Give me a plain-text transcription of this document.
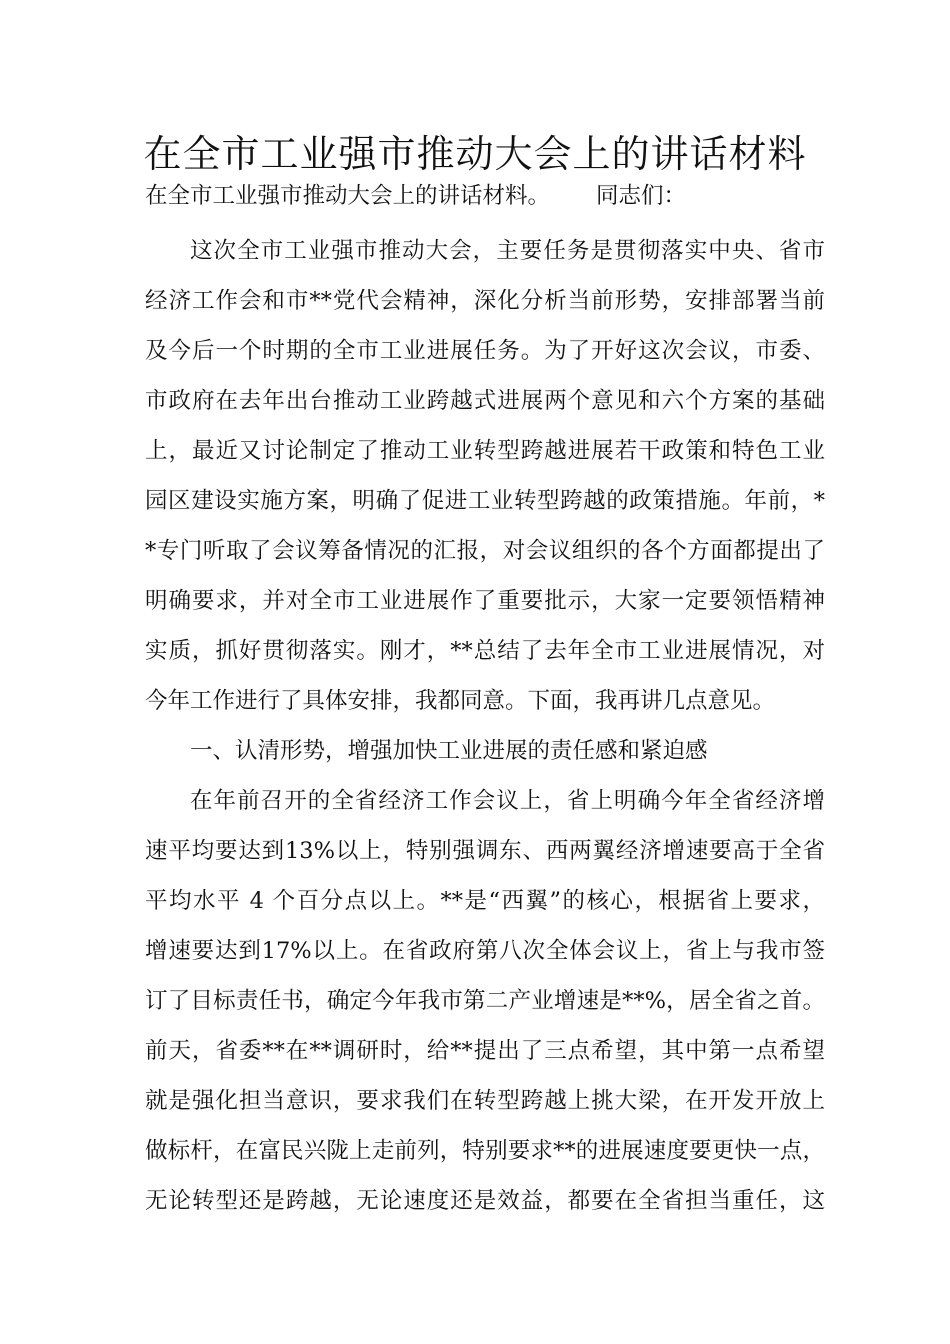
在全市工业强市推动大会上的讲话材料
在全市工业强市推动大会上的讲话材料。 同志们：
这次全市工业强市推动大会，主要任务是贯彻落实中央、省市
经济工作会和市**党代会精神，深化分析当前形势，安排部署当前
及今后一个时期的全市工业进展任务。为了开好这次会议，市委、
市政府在去年出台推动工业跨越式进展两个意见和六个方案的基础
上，最近又讨论制定了推动工业转型跨越进展若干政策和特色工业
园区建设实施方案，明确了促进工业转型跨越的政策措施。年前，*
*专门听取了会议筹备情况的汇报，对会议组织的各个方面都提出了
明确要求，并对全市工业进展作了重要批示，大家一定要领悟精神
实质，抓好贯彻落实。刚才，**总结了去年全市工业进展情况，对
今年工作进行了具体安排，我都同意。下面，我再讲几点意见。
一、认清形势，增强加快工业进展的责任感和紧迫感
在年前召开的全省经济工作会议上，省上明确今年全省经济增
速平均要达到13%以上，特别强调东、西两翼经济增速要高于全省
平均水平 4 个百分点以上。**是“西翼”的核心，根据省上要求，
增速要达到17%以上。在省政府第八次全体会议上，省上与我市签
订了目标责任书，确定今年我市第二产业增速是**%，居全省之首。
前天，省委**在**调研时，给**提出了三点希望，其中第一点希望
就是强化担当意识，要求我们在转型跨越上挑大梁，在开发开放上
做标杆，在富民兴陇上走前列，特别要求**的进展速度要更快一点，
无论转型还是跨越，无论速度还是效益，都要在全省担当重任，这
